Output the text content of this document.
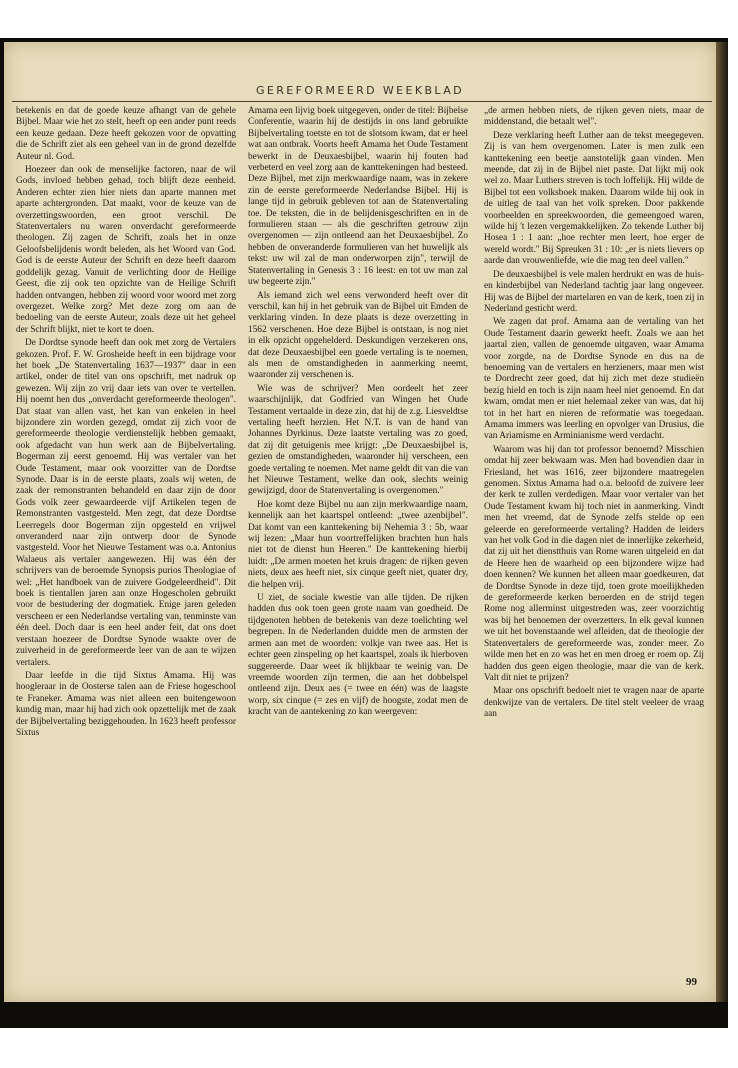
GEREFORMEERD WEEKBLAD

betekenis en dat de goede keuze afhangt van de gehele Bijbel. Maar wie het zo stelt, heeft op een ander punt reeds een keuze gedaan. Deze heeft gekozen voor de opvatting die de Schrift ziet als een geheel van in de grond dezelfde Auteur nl. God.

Hoezeer dan ook de menselijke factoren, naar de wil Gods, invloed hebben gehad, toch blijft deze eenheid. Anderen echter zien hier niets dan aparte mannen met aparte achtergronden. Dat maakt, voor de keuze van de overzettingswoorden, een groot verschil. De Statenvertalers nu waren onverdacht gereformeerde theologen. Zij zagen de Schrift, zoals het in onze Geloofsbelijdenis wordt beleden, als het Woord van God. God is de eerste Auteur der Schrift en deze heeft daarom goddelijk gezag. Vanuit de verlichting door de Heilige Geest, die zij ook ten opzichte van de Heilige Schrift hadden ontvangen, hebben zij woord voor woord met zorg overgezet. Welke zorg? Met deze zorg om aan de bedoeling van de eerste Auteur, zoals deze uit het geheel der Schrift blijkt, niet te kort te doen.

De Dordtse synode heeft dan ook met zorg de Vertalers gekozen. Prof. F. W. Grosheide heeft in een bijdrage voor het boek „De Statenvertaling 1637—1937" daar in een artikel, onder de titel van ons opschrift, met nadruk op gewezen. Wij zijn zo vrij daar iets van over te vertellen. Hij noemt hen dus „onverdacht gereformeerde theologen". Dat staat van allen vast, het kan van enkelen in heel bijzondere zin worden gezegd, omdat zij zich voor de gereformeerde theologie verdienstelijk hebben gemaakt, ook afgedacht van hun werk aan de Bijbelvertaling. Bogerman zij eerst genoemd. Hij was vertaler van het Oude Testament, maar ook voorzitter van de Dordtse Synode. Daar is in de eerste plaats, zoals wij weten, de zaak der remonstranten behandeld en daar zijn de door Gods volk zeer gewaardeerde vijf Artikelen tegen de Remonstranten vastgesteld. Men zegt, dat deze Dordtse Leerregels door Bogerman zijn opgesteld en vrijwel onveranderd naar zijn ontwerp door de Synode vastgesteld. Voor het Nieuwe Testament was o.a. Antonius Walaeus als vertaler aangewezen. Hij was één der schrijvers van de beroemde Synopsis purios Theologiae of wel: „Het handboek van de zuivere Godgeleerdheid". Dit boek is tientallen jaren aan onze Hogescholen gebruikt voor de bestudering der dogmatiek. Enige jaren geleden verscheen er een Nederlandse vertaling van, tenminste van één deel. Doch daar is een heel ander feit, dat ons doet verstaan hoezeer de Dordtse Synode waakte over de zuiverheid in de gereformeerde leer van de aan te wijzen vertalers.

Daar leefde in die tijd Sixtus Amama. Hij was hoogleraar in de Oosterse talen aan de Friese hogeschool te Franeker. Amama was niet alleen een buitengewoon kundig man, maar hij had zich ook opzettelijk met de zaak der Bijbelvertaling beziggehouden. In 1623 heeft professor Sixtus

Amama een lijvig boek uitgegeven, onder de titel: Bijbelse Conferentie, waarin hij de destijds in ons land gebruikte Bijbelvertaling toetste en tot de slotsom kwam, dat er heel wat aan ontbrak. Voorts heeft Amama het Oude Testament bewerkt in de Deuxaesbijbel, waarin hij fouten had verbeterd en veel zorg aan de kanttekeningen had besteed. Deze Bijbel, met zijn merkwaardige naam, was in zekere zin de eerste gereformeerde Nederlandse Bijbel. Hij is lange tijd in gebruik gebleven tot aan de Statenvertaling toe. De teksten, die in de belijdenisgeschriften en in de formulieren staan — als die geschriften getrouw zijn overgenomen — zijn ontleend aan het Deuxaesbijbel. Zo hebben de onveranderde formulieren van het huwelijk als tekst: uw wil zal de man onderworpen zijn", terwijl de Statenvertaling in Genesis 3 : 16 leest: en tot uw man zal uw begeerte zijn."

Als iemand zich wel eens verwonderd heeft over dit verschil, kan hij in het gebruik van de Bijbel uit Emden de verklaring vinden. In deze plaats is deze overzetting in 1562 verschenen. Hoe deze Bijbel is ontstaan, is nog niet in elk opzicht opgehelderd. Deskundigen verzekeren ons, dat deze Deuxaesbijbel een goede vertaling is te noemen, als men de omstandigheden in aanmerking neemt, waaronder zij verschenen is.

Wie was de schrijver? Men oordeelt het zeer waarschijnlijk, dat Godfried van Wingen het Oude Testament vertaalde in deze zin, dat hij de z.g. Liesveldtse vertaling heeft herzien. Het N.T. is van de hand van Johannes Dyrkinus. Deze laatste vertaling was zo goed, dat zij dit getuigenis mee krijgt: „De Deuxaesbijbel is, gezien de omstandigheden, waaronder hij verscheen, een goede vertaling te noemen. Met name geldt dit van die van het Nieuwe Testament, welke dan ook, slechts weinig gewijzigd, door de Statenvertaling is overgenomen."

Hoe komt deze Bijbel nu aan zijn merkwaardige naam, kennelijk aan het kaartspel ontleend: „twee azenbijbel". Dat komt van een kanttekening bij Nehemia 3 : 5b, waar wij lezen: „Maar hun voortreffelijken brachten hun hals niet tot de dienst hun Heeren." De kanttekening hierbij luidt: „De armen moeten het kruis dragen: de rijken geven niets, deux aes heeft niet, six cinque geeft niet, quater dry, die helpen vrij.

U ziet, de sociale kwestie van alle tijden. De rijken hadden dus ook toen geen grote naam van goedheid. De tijdgenoten hebben de betekenis van deze toelichting wel begrepen. In de Nederlanden duidde men de armsten der armen aan met de woorden: volkje van twee aas. Het is echter geen zinspeling op het kaartspel, zoals ik hierboven suggereerde. Daar weet ik blijkbaar te weinig van. De vreemde woorden zijn termen, die aan het dobbelspel ontleend zijn. Deux aes (= twee en één) was de laagste worp, six cinque (= zes en vijf) de hoogste, zodat men de kracht van de aantekening zo kan weergeven:

„de armen hebben niets, de rijken geven niets, maar de middenstand, die betaalt wel".

Deze verklaring heeft Luther aan de tekst meegegeven. Zij is van hem overgenomen. Later is men zulk een kanttekening een beetje aanstotelijk gaan vinden. Men meende, dat zij in de Bijbel niet paste. Dat lijkt mij ook wel zo. Maar Luthers streven is toch loffelijk. Hij wilde de Bijbel tot een volksboek maken. Daarom wilde hij ook in de uitleg de taal van het volk spreken. Door pakkende voorbeelden en spreekwoorden, die gemeengoed waren, wilde hij 't lezen vergemakkelijken. Zo tekende Luther bij Hosea 1 : 1 aan: „hoe rechter men leert, hoe erger de wereld wordt." Bij Spreuken 31 : 10: „er is niets lievers op aarde dan vrouwenliefde, wie die mag ten deel vallen."

De deuxaesbijbel is vele malen herdrukt en was de huis- en kinderbijbel van Nederland tachtig jaar lang ongeveer. Hij was de Bijbel der martelaren en van de kerk, toen zij in Nederland gesticht werd.

We zagen dat prof. Amama aan de vertaling van het Oude Testament daarin gewerkt heeft. Zoals we aan het jaartal zien, vallen de genoemde uitgaven, waar Amama voor zorgde, na de Dordtse Synode en dus na de benoeming van de vertalers en herzieners, maar men wist te Dordrecht zeer goed, dat hij zich met deze studieën bezig hield en toch is zijn naam heel niet genoemd. En dat kwam, omdat men er niet helemaal zeker van was, dat hij tot in het hart en nieren de reformatie was toegedaan. Amama immers was leerling en opvolger van Drusius, die van Ariamisme en Arminianisme werd verdacht.

Waarom was hij dan tot professor benoemd? Misschien omdat hij zeer bekwaam was. Men had bovendien daar in Friesland, het was 1616, zeer bijzondere maatregelen genomen. Sixtus Amama had o.a. beloofd de zuivere leer der kerk te zullen verdedigen. Maar voor vertaler van het Oude Testament kwam hij toch niet in aanmerking. Vindt men het vreemd, dat de Synode zelfs stelde op een geleerde en gereformeerde vertaling? Hadden de leiders van het volk God in die dagen niet de innerlijke zekerheid, dat zij uit het dienstthuis van Rome waren uitgeleid en dat de Heere hen de waarheid op een bijzondere wijze had doen kennen? We kunnen het alleen maar goedkeuren, dat de Dordtse Synode in deze tijd, toen grote moeilijkheden de gereformeerde kerken beroerden en de strijd tegen Rome nog allerminst uitgestreden was, zeer voorzichtig was bij het benoemen der overzetters. In elk geval kunnen we uit het bovenstaande wel afleiden, dat de theologie der Statenvertalers de gereformeerde was, zonder meer. Zo wilde men het en zo was het en men droeg er roem op. Zij hadden dus geen eigen theologie, maar die van de kerk. Valt dit niet te prijzen?

Maar ons opschrift bedoelt niet te vragen naar de aparte denkwijze van de vertalers. De titel stelt veeleer de vraag aan

99
